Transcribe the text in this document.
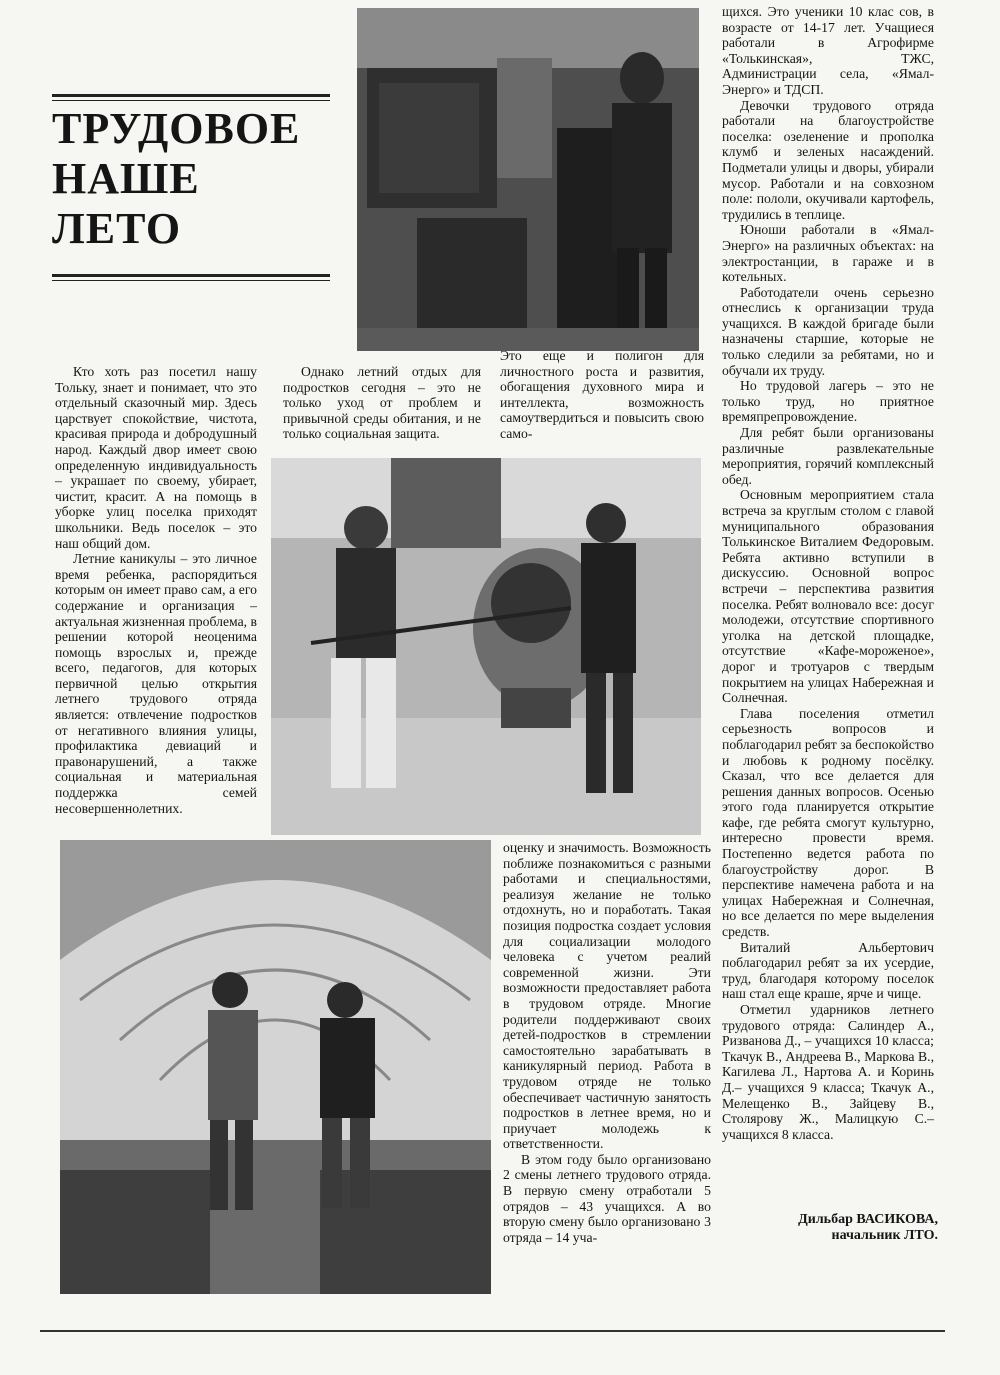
ТРУДОВОЕ
НАШЕ
ЛЕТО

Кто хоть раз посетил нашу Тольку, знает и понимает, что это отдельный сказочный мир. Здесь царствует спокойствие, чистота, красивая природа и добродушный народ. Каждый двор имеет свою определенную индивидуальность – украшает по своему, убирает, чистит, красит. А на помощь в уборке улиц поселка приходят школьники. Ведь поселок – это наш общий дом.

Летние каникулы – это личное время ребенка, распорядиться которым он имеет право сам, а его содержание и организация – актуальная жизненная проблема, в решении которой неоценима помощь взрослых и, прежде всего, педагогов, для которых первичной целью открытия летнего трудового отряда является: отвлечение подростков от негативного влияния улицы, профилактика девиаций и правонарушений, а также социальная и материальная поддержка семей несовершеннолетних.

Однако летний отдых для подростков сегодня – это не только уход от проблем и привычной среды обитания, и не только социальная защита.

Это еще и полигон для личностного роста и развития, обогащения духовного мира и интеллекта, возможность самоутвердиться и повысить свою само-

оценку и значимость. Возможность поближе познакомиться с разными работами и специальностями, реализуя желание не только отдохнуть, но и поработать. Такая позиция подростка создает условия для социализации молодого человека с учетом реалий современной жизни. Эти возможности предоставляет работа в трудовом отряде. Многие родители поддерживают своих детей-подростков в стремлении самостоятельно зарабатывать в каникулярный период. Работа в трудовом отряде не только обеспечивает частичную занятость подростков в летнее время, но и приучает молодежь к ответственности.

В этом году было организовано 2 смены летнего трудового отряда. В первую смену отработали 5 отрядов – 43 учащихся. А во вторую смену было организовано 3 отряда – 14 уча-

щихся. Это ученики 10 клас сов, в возрасте от 14-17 лет. Учащиеся работали в Агрофирме «Толькинская», ТЖС, Администрации села, «Ямал-Энерго» и ТДСП.

Девочки трудового отряда работали на благоустройстве поселка: озеленение и прополка клумб и зеленых насаждений. Подметали улицы и дворы, убирали мусор. Работали и на совхозном поле: пололи, окучивали картофель, трудились в теплице.

Юноши работали в «Ямал-Энерго» на различных объектах: на электростанции, в гараже и в котельных.

Работодатели очень серьезно отнеслись к организации труда учащихся. В каждой бригаде были назначены старшие, которые не только следили за ребятами, но и обучали их труду.

Но трудовой лагерь – это не только труд, но приятное времяпрепровождение.

Для ребят были организованы различные развлекательные мероприятия, горячий комплексный обед.

Основным мероприятием стала встреча за круглым столом с главой муниципального образования Толькинское Виталием Федоровым. Ребята активно вступили в дискуссию. Основной вопрос встречи – перспектива развития поселка. Ребят волновало все: досуг молодежи, отсутствие спортивного уголка на детской площадке, отсутствие «Кафе-мороженое», дорог и тротуаров с твердым покрытием на улицах Набережная и Солнечная.

Глава поселения отметил серьезность вопросов и поблагодарил ребят за беспокойство и любовь к родному посёлку. Сказал, что все делается для решения данных вопросов. Осенью этого года планируется открытие кафе, где ребята смогут культурно, интересно провести время. Постепенно ведется работа по благоустройству дорог. В перспективе намечена работа и на улицах Набережная и Солнечная, но все делается по мере выделения средств.

Виталий Альбертович поблагодарил ребят за их усердие, труд, благодаря которому поселок наш стал еще краше, ярче и чище.

Отметил ударников летнего трудового отряда: Салиндер А., Ризванова Д., – учащихся 10 класса; Ткачук В., Андреева В., Маркова В., Кагилева Л., Нартова А. и Коринь Д.– учащихся 9 класса; Ткачук А., Мелещенко В., Зайцеву В., Столярову Ж., Малицкую С.– учащихся 8 класса.

Дильбар ВАСИКОВА,
начальник ЛТО.
